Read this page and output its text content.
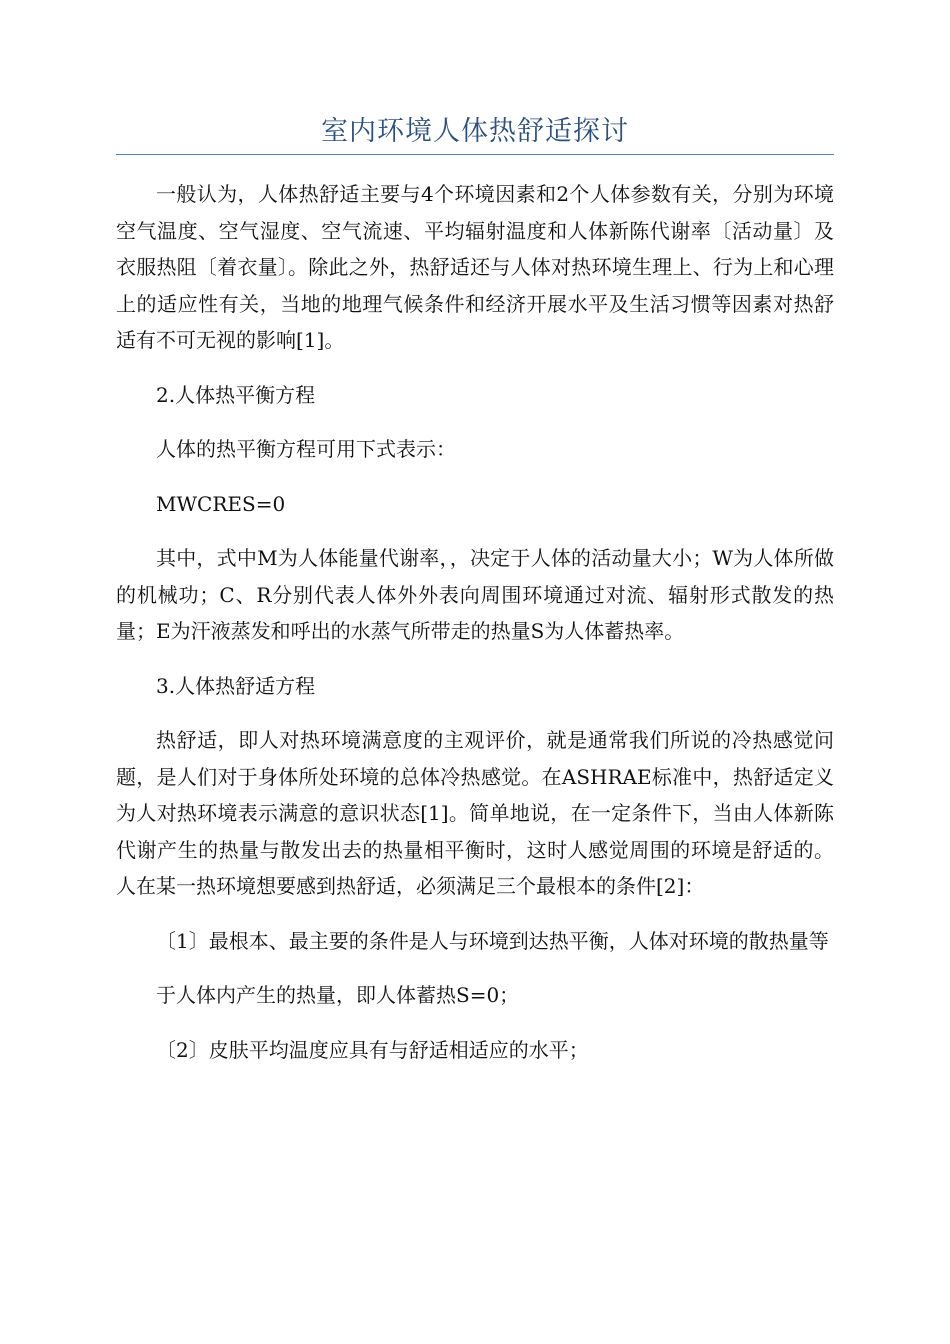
室内环境人体热舒适探讨

一般认为，人体热舒适主要与4个环境因素和2个人体参数有关，分别为环境空气温度、空气湿度、空气流速、平均辐射温度和人体新陈代谢率〔活动量〕及衣服热阻〔着衣量〕。除此之外，热舒适还与人体对热环境生理上、行为上和心理上的适应性有关，当地的地理气候条件和经济开展水平及生活习惯等因素对热舒适有不可无视的影响[1]。

2.人体热平衡方程

人体的热平衡方程可用下式表示：

MWCRES=0

其中，式中M为人体能量代谢率，，决定于人体的活动量大小；W为人体所做的机械功；C、R分别代表人体外外表向周围环境通过对流、辐射形式散发的热量；E为汗液蒸发和呼出的水蒸气所带走的热量S为人体蓄热率。

3.人体热舒适方程

热舒适，即人对热环境满意度的主观评价，就是通常我们所说的冷热感觉问题，是人们对于身体所处环境的总体冷热感觉。在ASHRAE标准中，热舒适定义为人对热环境表示满意的意识状态[1]。简单地说，在一定条件下，当由人体新陈代谢产生的热量与散发出去的热量相平衡时，这时人感觉周围的环境是舒适的。人在某一热环境想要感到热舒适，必须满足三个最根本的条件[2]：

〔1〕最根本、最主要的条件是人与环境到达热平衡，人体对环境的散热量等

于人体内产生的热量，即人体蓄热S=0；

〔2〕皮肤平均温度应具有与舒适相适应的水平；
